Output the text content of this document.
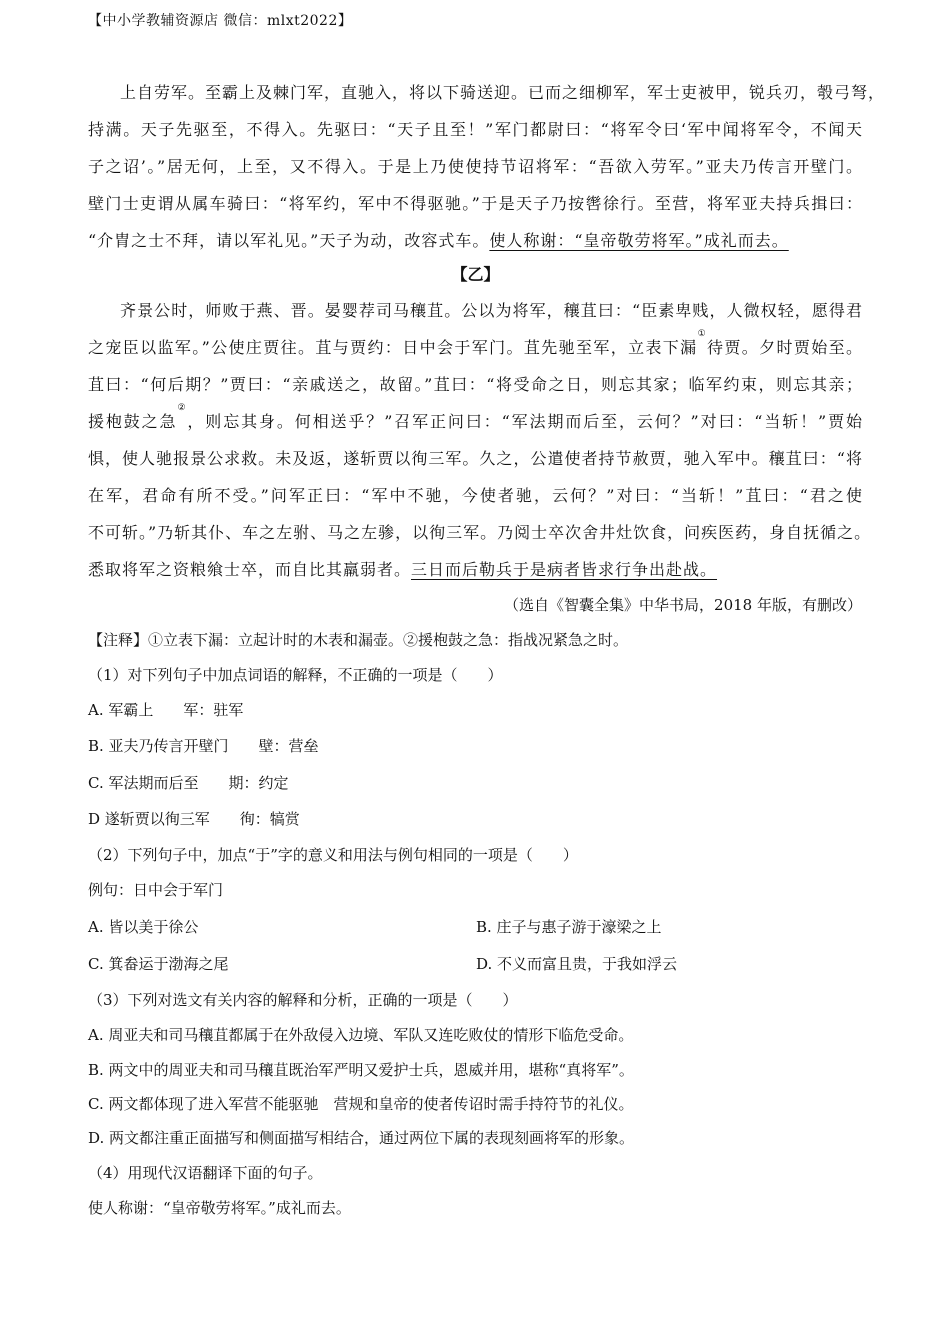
【中小学教辅资源店 微信：mlxt2022】
上自劳军。至霸上及棘门军，直驰入，将以下骑送迎。已而之细柳军，军士吏被甲，锐兵刃，彀弓弩，
持满。天子先驱至，不得入。先驱曰：“天子且至！”军门都尉曰：“将军令曰‘军中闻将军令，不闻天
子之诏’。”居无何，上至，又不得入。于是上乃使使持节诏将军：“吾欲入劳军。”亚夫乃传言开壁门。
壁门士吏谓从属车骑曰：“将军约，军中不得驱驰。”于是天子乃按辔徐行。至营，将军亚夫持兵揖曰：
“介胄之士不拜，请以军礼见。”天子为动，改容式车。使人称谢：“皇帝敬劳将军。”成礼而去。
【乙】
齐景公时，师败于燕、晋。晏婴荐司马穰苴。公以为将军，穰苴曰：“臣素卑贱，人微权轻，愿得君
之宠臣以监军。”公使庄贾往。苴与贾约：日中会于军门。苴先驰至军，立表下漏①待贾。夕时贾始至。
苴曰：“何后期？”贾曰：“亲戚送之，故留。”苴曰：“将受命之日，则忘其家；临军约束，则忘其亲；
援枹鼓之急②，则忘其身。何相送乎？”召军正问曰：“军法期而后至，云何？”对曰：“当斩！”贾始
惧，使人驰报景公求救。未及返，遂斩贾以徇三军。久之，公遣使者持节赦贾，驰入军中。穰苴曰：“将
在军，君命有所不受。”问军正曰：“军中不驰，今使者驰，云何？”对曰：“当斩！”苴曰：“君之使
不可斩。”乃斩其仆、车之左驸、马之左骖，以徇三军。乃阅士卒次舍井灶饮食，问疾医药，身自抚循之。
悉取将军之资粮飨士卒，而自比其羸弱者。三日而后勒兵于是病者皆求行争出赴战。
（选自《智囊全集》中华书局，2018 年版，有删改）
【注释】①立表下漏：立起计时的木表和漏壶。②援枹鼓之急：指战况紧急之时。
（1）对下列句子中加点词语的解释，不正确的一项是（　　）
A. 军霸上　　军：驻军
B. 亚夫乃传言开壁门　　壁：营垒
C. 军法期而后至　　期：约定
D 遂斩贾以徇三军　　徇：犒赏
（2）下列句子中，加点“于”字的意义和用法与例句相同的一项是（　　）
例句：日中会于军门
A. 皆以美于徐公	B. 庄子与惠子游于濠梁之上
C. 箕畚运于渤海之尾	D. 不义而富且贵，于我如浮云
（3）下列对选文有关内容的解释和分析，正确的一项是（　　）
A. 周亚夫和司马穰苴都属于在外敌侵入边境、军队又连吃败仗的情形下临危受命。
B. 两文中的周亚夫和司马穰苴既治军严明又爱护士兵，恩威并用，堪称“真将军”。
C. 两文都体现了进入军营不能驱驰　营规和皇帝的使者传诏时需手持符节的礼仪。
D. 两文都注重正面描写和侧面描写相结合，通过两位下属的表现刻画将军的形象。
（4）用现代汉语翻译下面的句子。
使人称谢：“皇帝敬劳将军。”成礼而去。
